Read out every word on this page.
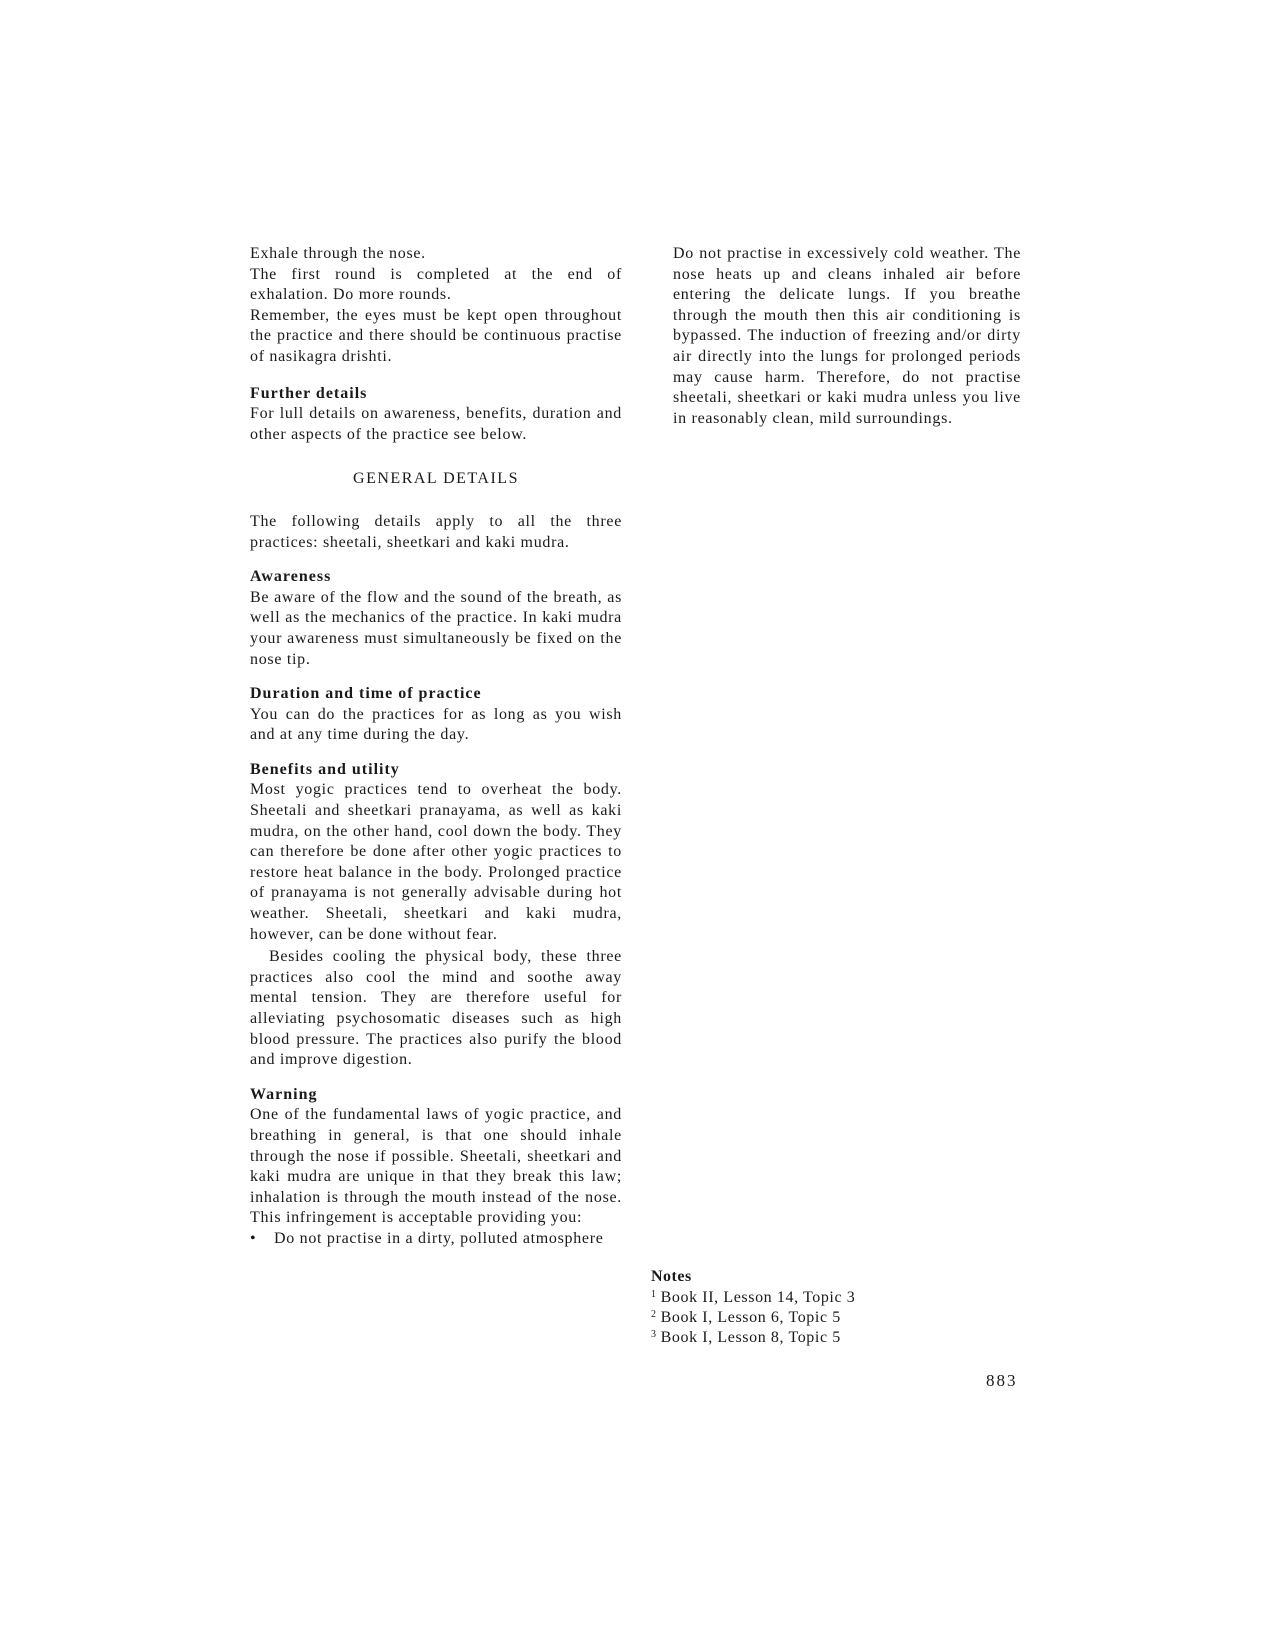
Exhale through the nose.

The first round is completed at the end of exhalation. Do more rounds.

Remember, the eyes must be kept open throughout the practice and there should be continuous practise of nasikagra drishti.

Further details

For lull details on awareness, benefits, duration and other aspects of the practice see below.

GENERAL DETAILS

The following details apply to all the three practices: sheetali, sheetkari and kaki mudra.

Awareness

Be aware of the flow and the sound of the breath, as well as the mechanics of the practice. In kaki mudra your awareness must simultaneously be fixed on the nose tip.

Duration and time of practice

You can do the practices for as long as you wish and at any time during the day.

Benefits and utility

Most yogic practices tend to overheat the body. Sheetali and sheetkari pranayama, as well as kaki mudra, on the other hand, cool down the body. They can therefore be done after other yogic practices to restore heat balance in the body. Prolonged practice of pranayama is not generally advisable during hot weather. Sheetali, sheetkari and kaki mudra, however, can be done without fear.

Besides cooling the physical body, these three practices also cool the mind and soothe away mental tension. They are therefore useful for alleviating psychosomatic diseases such as high blood pressure. The practices also purify the blood and improve digestion.

Warning

One of the fundamental laws of yogic practice, and breathing in general, is that one should inhale through the nose if possible. Sheetali, sheetkari and kaki mudra are unique in that they break this law; inhalation is through the mouth instead of the nose. This infringement is acceptable providing you:

•	Do not practise in a dirty, polluted atmosphere

Do not practise in excessively cold weather. The nose heats up and cleans inhaled air before entering the delicate lungs. If you breathe through the mouth then this air conditioning is bypassed. The induction of freezing and/or dirty air directly into the lungs for prolonged periods may cause harm. Therefore, do not practise sheetali, sheetkari or kaki mudra unless you live in reasonably clean, mild surroundings.

Notes
$^1$ Book II, Lesson 14, Topic 3
$^2$ Book I, Lesson 6, Topic 5
$^3$ Book I, Lesson 8, Topic 5
883
